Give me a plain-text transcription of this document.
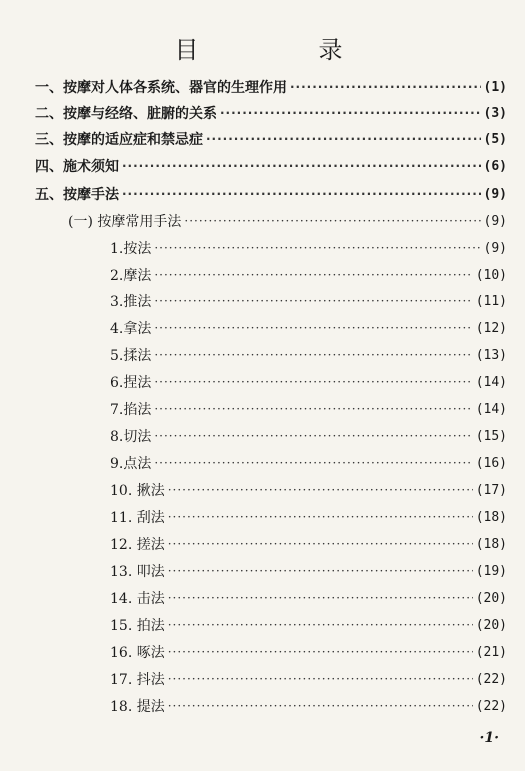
目　录
一、按摩对人体各系统、器官的生理作用 ·····	(1)
二、按摩与经络、脏腑的关系 ·····	(3)
三、按摩的适应症和禁忌症 ·····	(5)
四、施术须知 ·····	(6)
五、按摩手法 ·····	(9)
(一) 按摩常用手法 ·····	(9)
1.按法 ·····	(9)
2.摩法 ·····	(10)
3.推法 ·····	(11)
4.拿法 ·····	(12)
5.揉法 ·····	(13)
6.捏法 ·····	(14)
7.掐法 ·····	(14)
8.切法 ·····	(15)
9.点法 ·····	(16)
10. 揪法 ·····	(17)
11. 刮法 ·····	(18)
12. 搓法 ·····	(18)
13. 叩法 ·····	(19)
14. 击法 ·····	(20)
15. 拍法 ·····	(20)
16. 啄法 ·····	(21)
17. 抖法 ·····	(22)
18. 提法 ·····	(22)
·1·
